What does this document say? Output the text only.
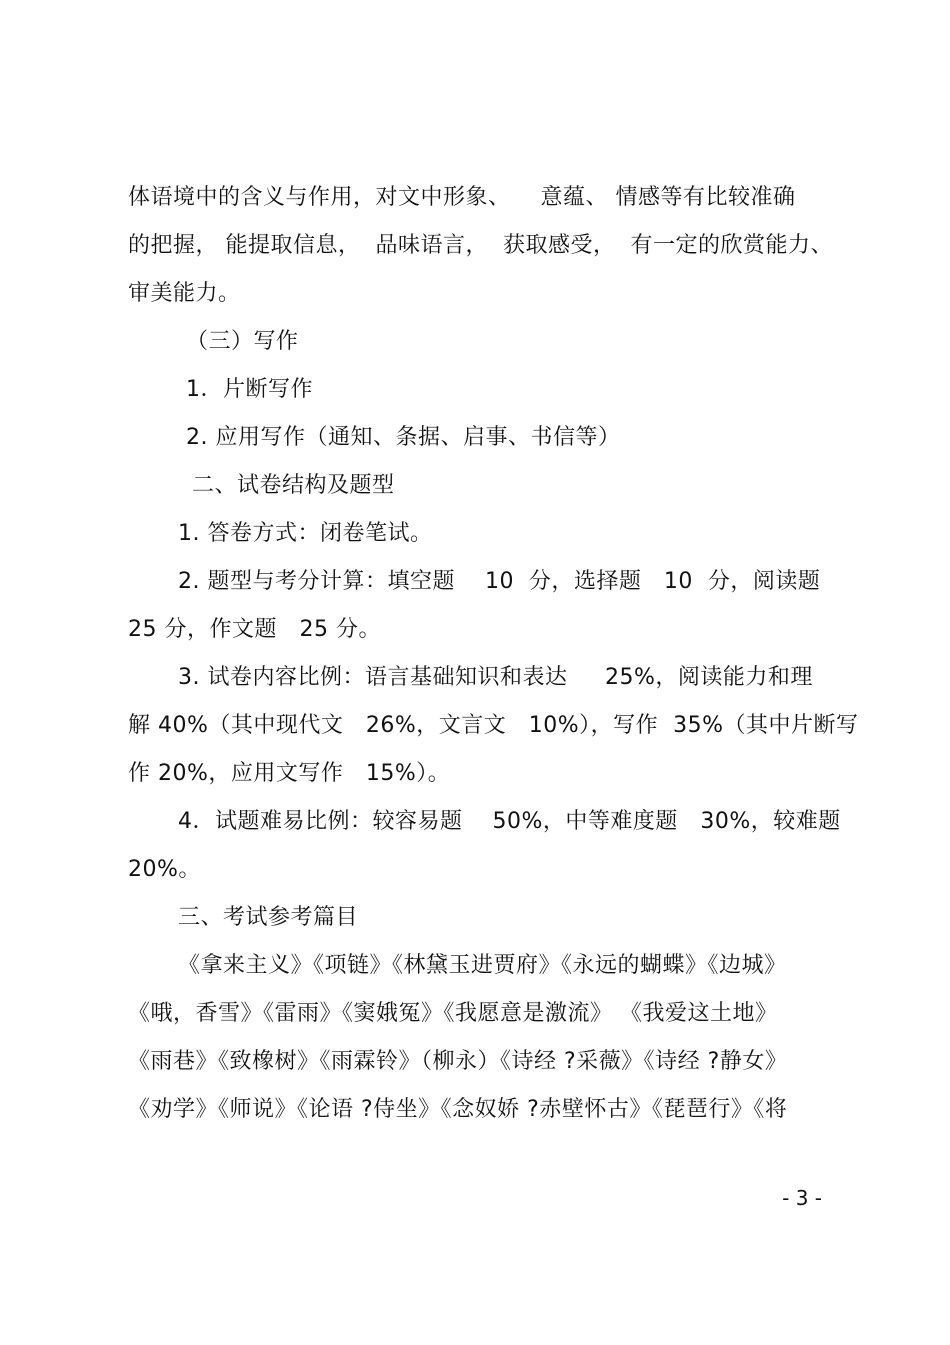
体语境中的含义与作用，对文中形象、    意蕴、 情感等有比较准确
的把握， 能提取信息，  品味语言，  获取感受，  有一定的欣赏能力、
审美能力。
（三）写作
1．片断写作
2. 应用写作（通知、条据、启事、书信等）
二、试卷结构及题型
1. 答卷方式：闭卷笔试。
2. 题型与考分计算：填空题    10  分，选择题   10  分，阅读题
25 分，作文题   25 分。
3. 试卷内容比例：语言基础知识和表达     25%，阅读能力和理
解 40%（其中现代文   26%，文言文   10%），写作  35%（其中片断写
作 20%，应用文写作   15%）。
4．试题难易比例：较容易题    50%，中等难度题   30%，较难题
20%。
三、考试参考篇目
《拿来主义》《项链》《林黛玉进贾府》《永远的蝴蝶》《边城》
《哦，香雪》《雷雨》《窦娥冤》《我愿意是激流》 《我爱这土地》
《雨巷》《致橡树》《雨霖铃》（柳永）《诗经 ?采薇》《诗经 ?静女》
《劝学》《师说》《论语 ?侍坐》《念奴娇 ?赤壁怀古》《琵琶行》《将
- 3 -
